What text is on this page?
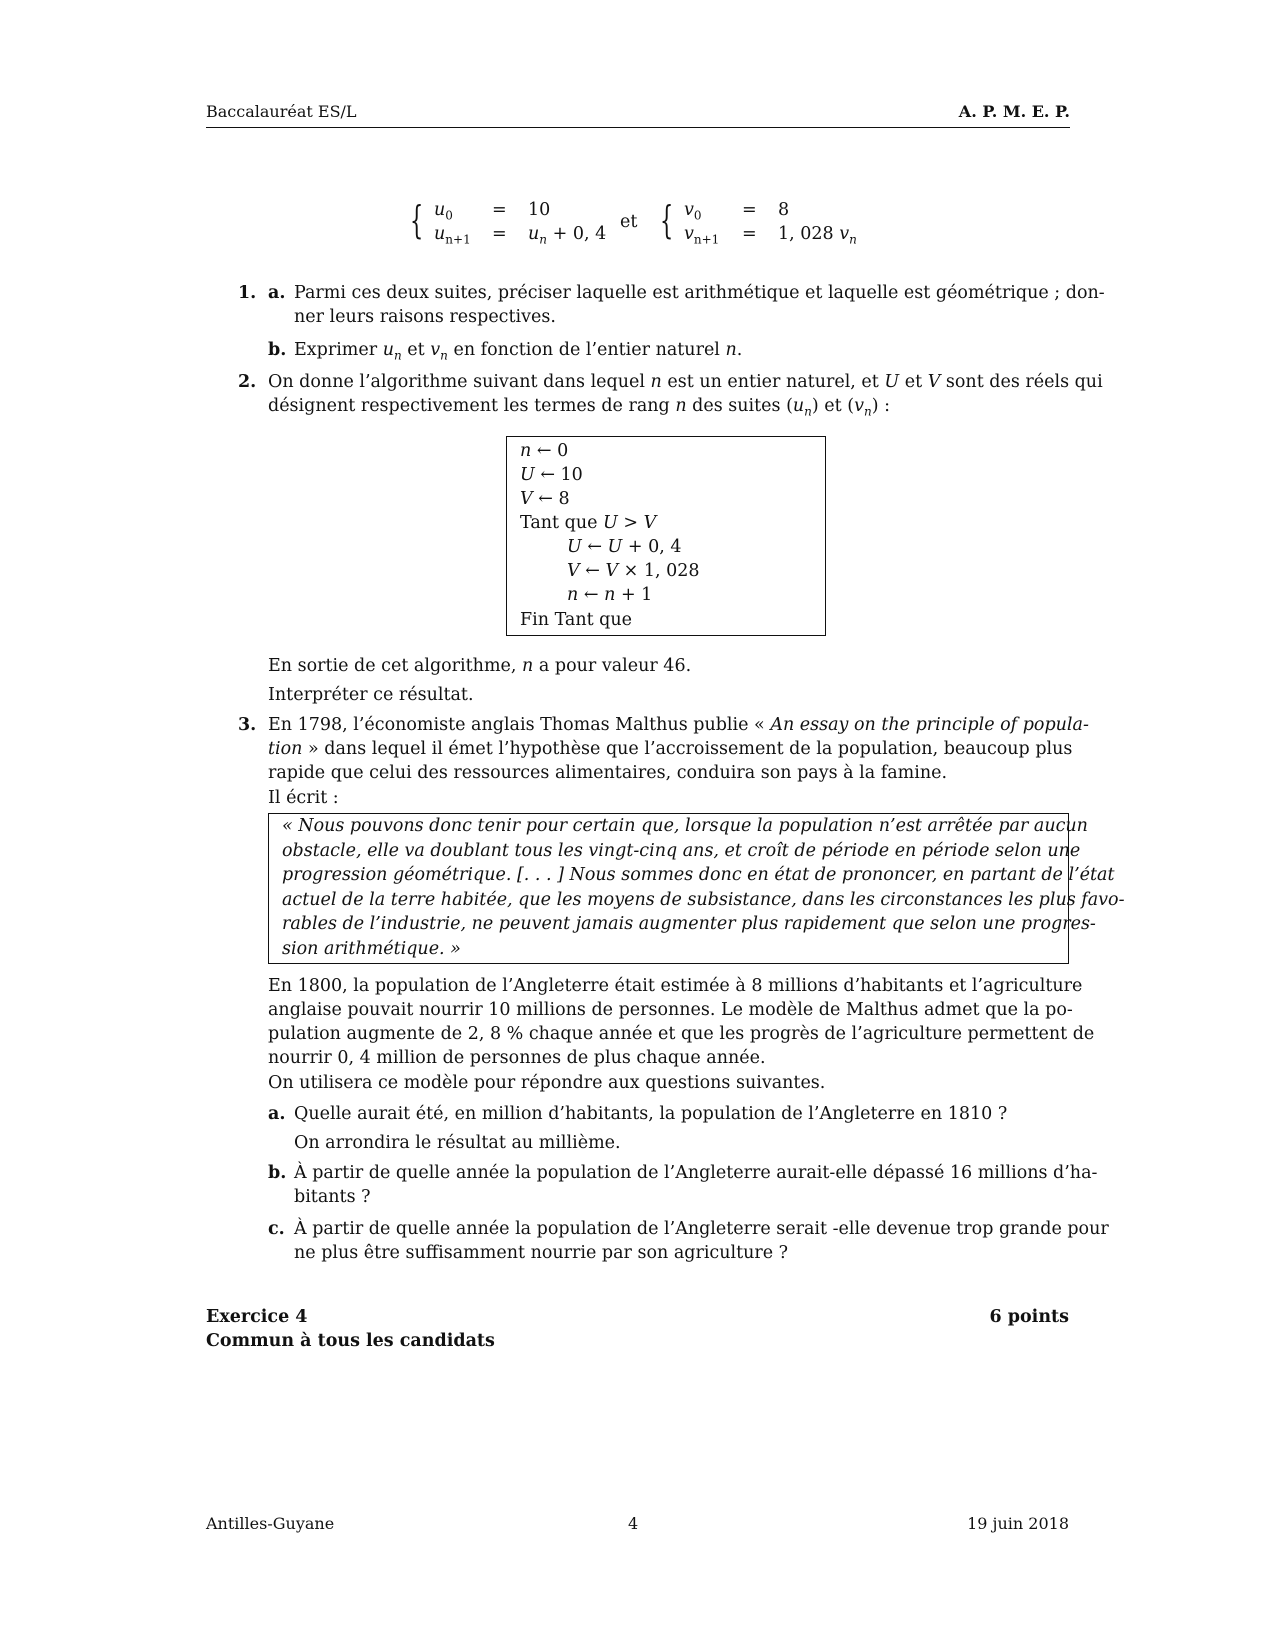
Baccalauréat ES/L	A. P. M. E. P.
{ $u_0 = 10$
$u_{n+1} = u_n + 0$, 4
et { $v_0 = 8$
$v_{n+1} = 1$, 028 $v_n$
1. a. Parmi ces deux suites, préciser laquelle est arithmétique et laquelle est géométrique ; don-
ner leurs raisons respectives.
b. Exprimer $u_n$ et $v_n$ en fonction de l’entier naturel n.
2. On donne l’algorithme suivant dans lequel n est un entier naturel, et U et V sont des réels qui
désignent respectivement les termes de rang n des suites $(u_n)$ et $(v_n)$ :
n ← 0
U ← 10
V ← 8
Tant que U > V
U ← U + 0, 4
V ← V × 1, 028
n ← n + 1
Fin Tant que
En sortie de cet algorithme, n a pour valeur 46.
Interpréter ce résultat.
3. En 1798, l’économiste anglais Thomas Malthus publie « An essay on the principle of popula-
tion » dans lequel il émet l’hypothèse que l’accroissement de la population, beaucoup plus
rapide que celui des ressources alimentaires, conduira son pays à la famine.
Il écrit :
« Nous pouvons donc tenir pour certain que, lorsque la population n’est arrêtée par aucun
obstacle, elle va doublant tous les vingt-cinq ans, et croît de période en période selon une
progression géométrique. [. . . ] Nous sommes donc en état de prononcer, en partant de l’état
actuel de la terre habitée, que les moyens de subsistance, dans les circonstances les plus favo-
rables de l’industrie, ne peuvent jamais augmenter plus rapidement que selon une progres-
sion arithmétique. »
En 1800, la population de l’Angleterre était estimée à 8 millions d’habitants et l’agriculture
anglaise pouvait nourrir 10 millions de personnes. Le modèle de Malthus admet que la po-
pulation augmente de 2, 8 % chaque année et que les progrès de l’agriculture permettent de
nourrir 0, 4 million de personnes de plus chaque année.
On utilisera ce modèle pour répondre aux questions suivantes.
a. Quelle aurait été, en million d’habitants, la population de l’Angleterre en 1810 ?
On arrondira le résultat au millième.
b. À partir de quelle année la population de l’Angleterre aurait-elle dépassé 16 millions d’ha-
bitants ?
c. À partir de quelle année la population de l’Angleterre serait -elle devenue trop grande pour
ne plus être suffisamment nourrie par son agriculture ?
Exercice 4	6 points
Commun à tous les candidats
Antilles-Guyane	4	19 juin 2018
